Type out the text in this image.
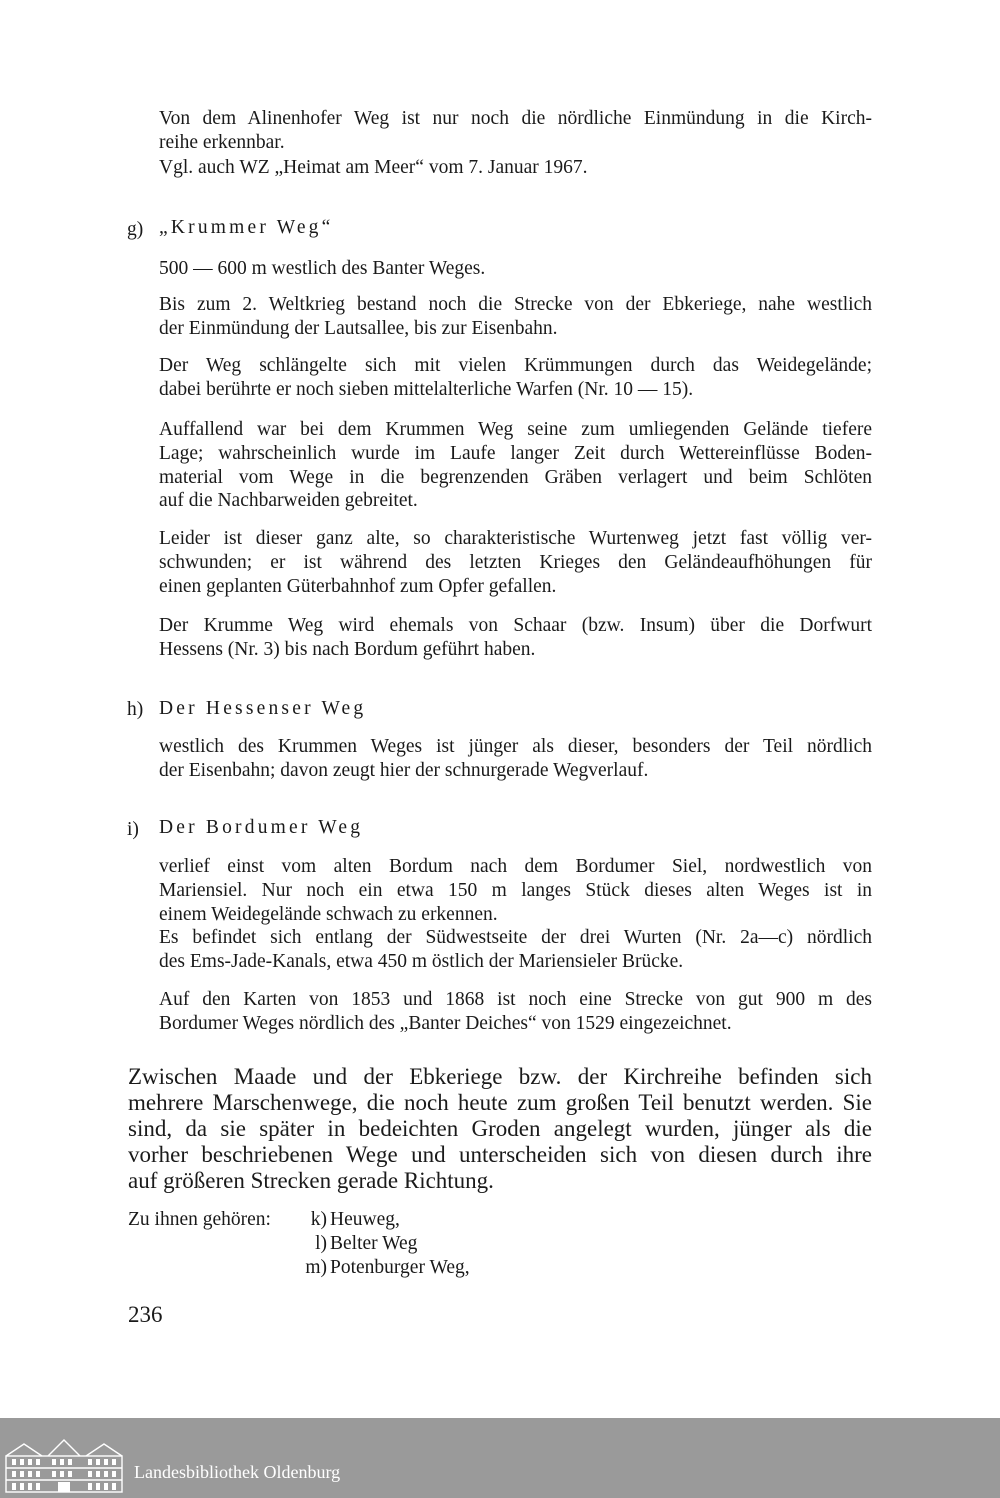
Von dem Alinenhofer Weg ist nur noch die nördliche Einmündung in die Kirch-
reihe erkennbar.
Vgl. auch WZ „Heimat am Meer“ vom 7. Januar 1967.
g) „Krummer Weg“
500 — 600 m westlich des Banter Weges.
Bis zum 2. Weltkrieg bestand noch die Strecke von der Ebkeriege, nahe westlich
der Einmündung der Lautsallee, bis zur Eisenbahn.
Der Weg schlängelte sich mit vielen Krümmungen durch das Weidegelände;
dabei berührte er noch sieben mittelalterliche Warfen (Nr. 10 — 15).
Auffallend war bei dem Krummen Weg seine zum umliegenden Gelände tiefere
Lage; wahrscheinlich wurde im Laufe langer Zeit durch Wettereinflüsse Boden-
material vom Wege in die begrenzenden Gräben verlagert und beim Schlöten
auf die Nachbarweiden gebreitet.
Leider ist dieser ganz alte, so charakteristische Wurtenweg jetzt fast völlig ver-
schwunden; er ist während des letzten Krieges den Geländeaufhöhungen für
einen geplanten Güterbahnhof zum Opfer gefallen.
Der Krumme Weg wird ehemals von Schaar (bzw. Insum) über die Dorfwurt
Hessens (Nr. 3) bis nach Bordum geführt haben.
h) Der Hessenser Weg
westlich des Krummen Weges ist jünger als dieser, besonders der Teil nördlich
der Eisenbahn; davon zeugt hier der schnurgerade Wegverlauf.
i) Der Bordumer Weg
verlief einst vom alten Bordum nach dem Bordumer Siel, nordwestlich von
Mariensiel. Nur noch ein etwa 150 m langes Stück dieses alten Weges ist in
einem Weidegelände schwach zu erkennen.
Es befindet sich entlang der Südwestseite der drei Wurten (Nr. 2a—c) nördlich
des Ems-Jade-Kanals, etwa 450 m östlich der Mariensieler Brücke.
Auf den Karten von 1853 und 1868 ist noch eine Strecke von gut 900 m des
Bordumer Weges nördlich des „Banter Deiches“ von 1529 eingezeichnet.
Zwischen Maade und der Ebkeriege bzw. der Kirchreihe befinden sich
mehrere Marschenwege, die noch heute zum großen Teil benutzt werden. Sie
sind, da sie später in bedeichten Groden angelegt wurden, jünger als die
vorher beschriebenen Wege und unterscheiden sich von diesen durch ihre
auf größeren Strecken gerade Richtung.
Zu ihnen gehören:	k) Heuweg,
l) Belter Weg
m) Potenburger Weg,
236
Landesbibliothek Oldenburg
